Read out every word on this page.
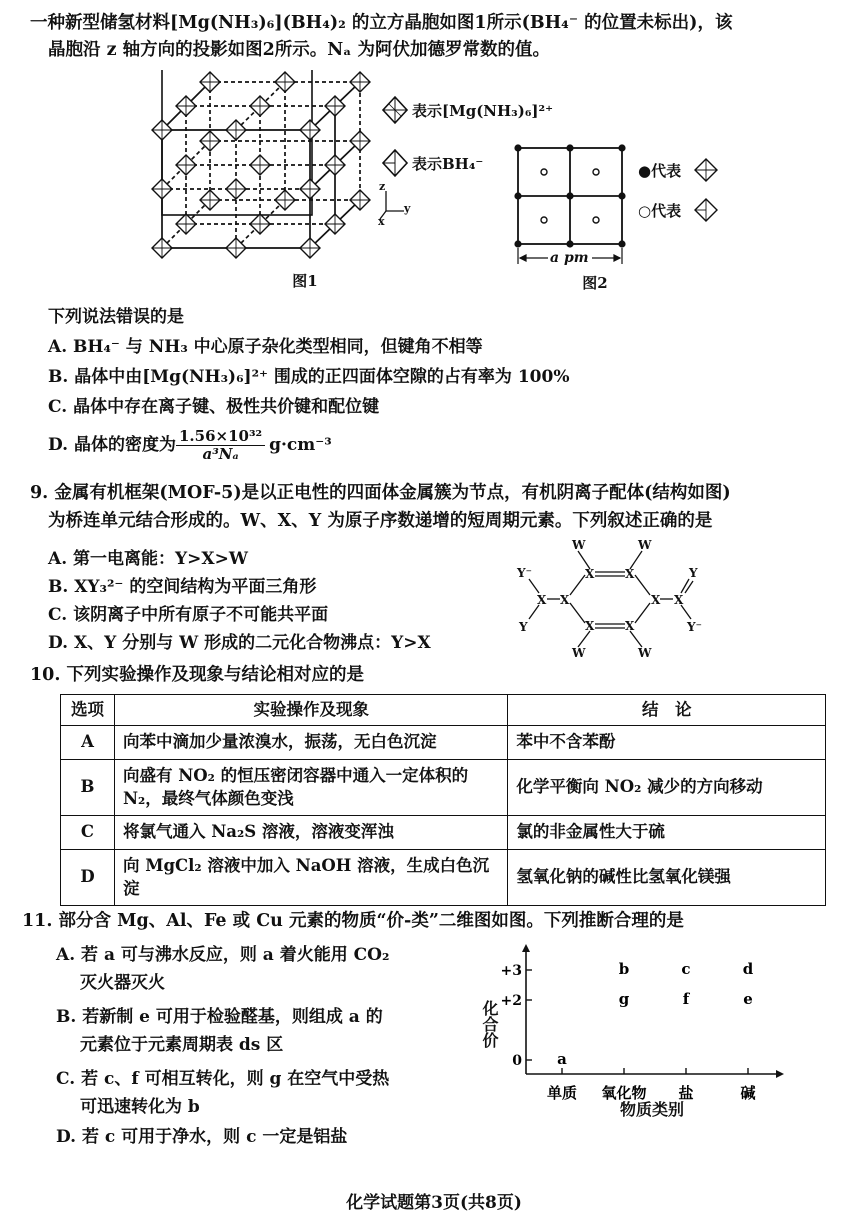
一种新型储氢材料[Mg(NH₃)₆](BH₄)₂ 的立方晶胞如图1所示(BH₄⁻ 的位置未标出)，该
晶胞沿 z 轴方向的投影如图2所示。Nₐ 为阿伏加德罗常数的值。
z
y
x
表示[Mg(NH₃)₆]²⁺
表示BH₄⁻
图1
a pm
图2
●代表
○代表
下列说法错误的是
A. BH₄⁻ 与 NH₃ 中心原子杂化类型相同，但键角不相等
B. 晶体中由[Mg(NH₃)₆]²⁺ 围成的正四面体空隙的占有率为 100%
C. 晶体中存在离子键、极性共价键和配位键
D. 晶体的密度为 $\frac{\text{1.56×10³²}}{\text{a³Nₐ}} g\cdot cm^{-3}$
9. 金属有机框架(MOF-5)是以正电性的四面体金属簇为节点，有机阴离子配体(结构如图)
为桥连单元结合形成的。W、X、Y 为原子序数递增的短周期元素。下列叙述正确的是
A. 第一电离能：Y>X>W
B. XY₃²⁻ 的空间结构为平面三角形
C. 该阴离子中所有原子不可能共平面
D. X、Y 分别与 W 形成的二元化合物沸点：Y>X
W	W
X	X
X	X
X	X
X	X
Y⁻
Y
Y
Y⁻
W	W
10. 下列实验操作及现象与结论相对应的是
选项	实验操作及现象	结　论
A	向苯中滴加少量浓溴水，振荡，无白色沉淀	苯中不含苯酚
B	向盛有 NO₂ 的恒压密闭容器中通入一定体积的 N₂，最终气体颜色变浅	化学平衡向 NO₂ 减少的方向移动
C	将氯气通入 Na₂S 溶液，溶液变浑浊	氯的非金属性大于硫
D	向 MgCl₂ 溶液中加入 NaOH 溶液，生成白色沉淀	氢氧化钠的碱性比氢氧化镁强
11. 部分含 Mg、Al、Fe 或 Cu 元素的物质“价-类”二维图如图。下列推断合理的是
A. 若 a 可与沸水反应，则 a 着火能用 CO₂
灭火器灭火
B. 若新制 e 可用于检验醛基，则组成 a 的
元素位于元素周期表 ds 区
C. 若 c、f 可相互转化，则 g 在空气中受热
可迅速转化为 b
D. 若 c 可用于净水，则 c 一定是铝盐
+3
+2
0
单质 氧化物 盐	碱
a
b	c	d
g	f	e
化合价
物质类别
化学试题第3页(共8页)
